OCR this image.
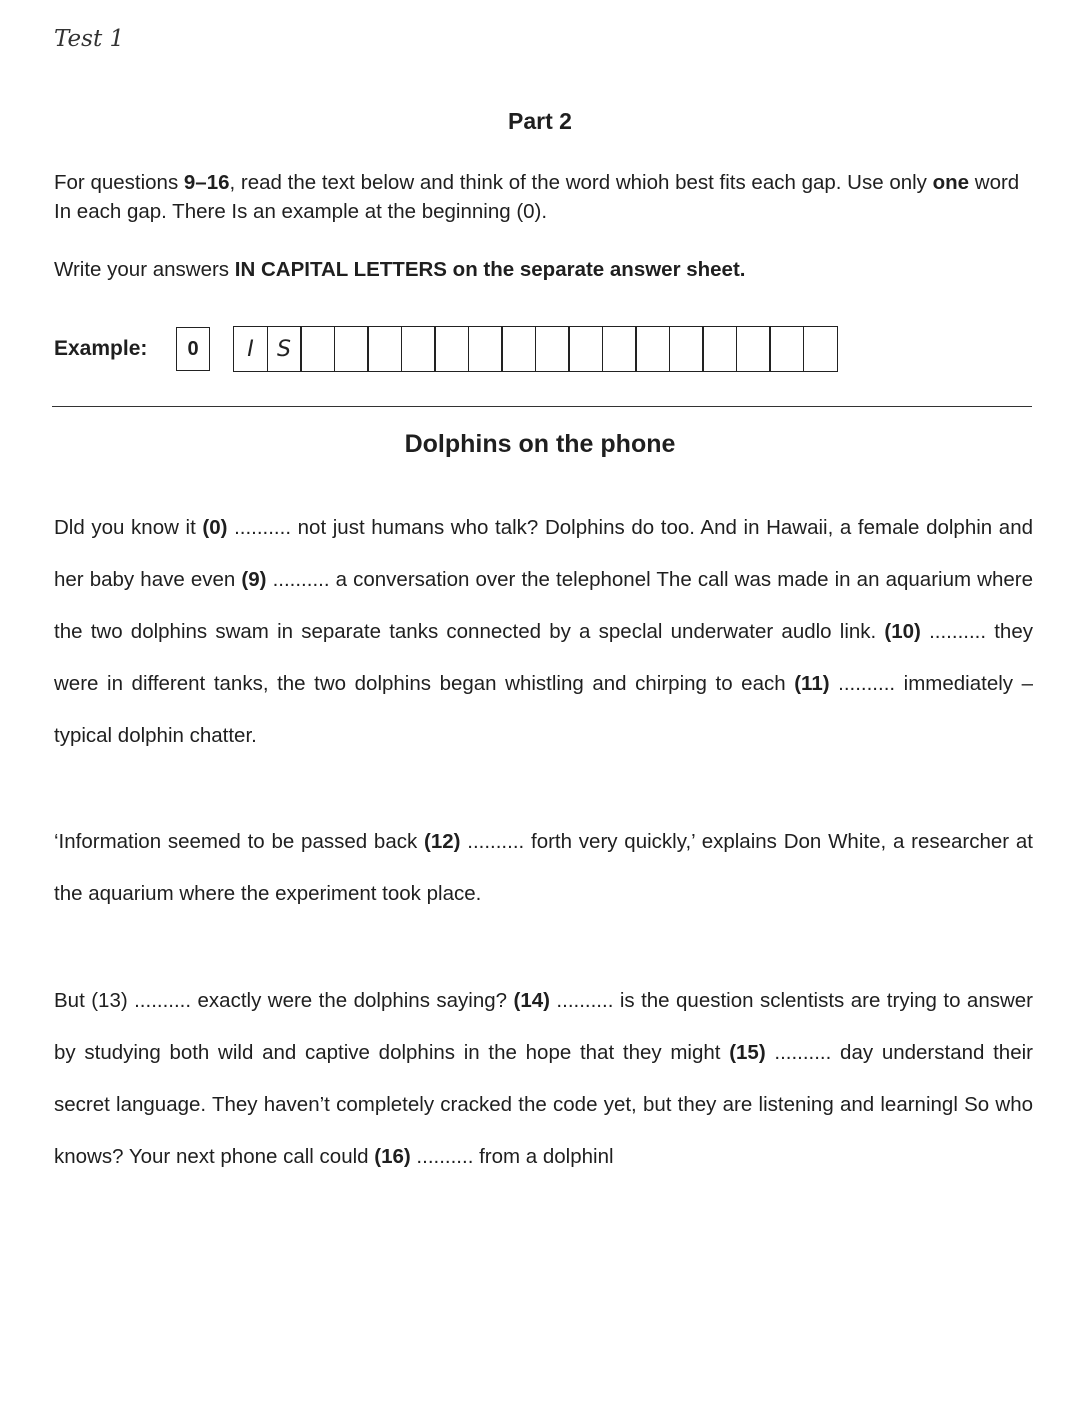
Test 1
Part 2

For questions 9–16, read the text below and think of the word whioh best fits each gap. Use only one word In each gap. There Is an example at the beginning (0).

Write your answers IN CAPITAL LETTERS on the separate answer sheet.

Example:	0	I	S
Dolphins on the phone

Dld you know it (0) .......... not just humans who talk? Dolphins do too. And in Hawaii, a female dolphin and her baby have even (9) .......... a conversation over the telephonel The call was made in an aquarium where the two dolphins swam in separate tanks connected by a speclal underwater audlo link. (10) .......... they were in different tanks, the two dolphins began whistling and chirping to each (11) .......... immediately – typical dolphin chatter.

‘Information seemed to be passed back (12) .......... forth very quickly,’ explains Don White, a researcher at the aquarium where the experiment took place.

But (13) .......... exactly were the dolphins saying? (14) .......... is the question sclentists are trying to answer by studying both wild and captive dolphins in the hope that they might (15) .......... day understand their secret language. They haven’t completely cracked the code yet, but they are listening and learningl So who knows? Your next phone call could (16) .......... from a dolphinl
